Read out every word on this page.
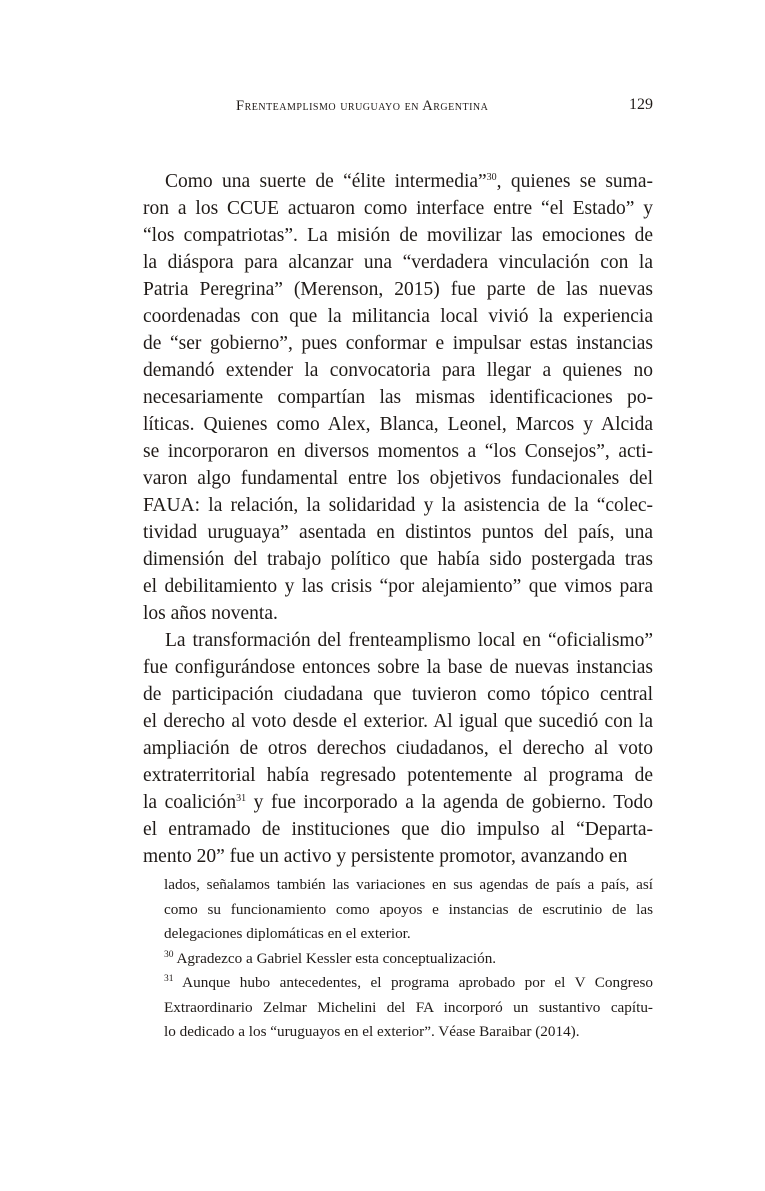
Frenteamplismo uruguayo en Argentina	129

Como una suerte de “élite intermedia”$^{30}$, quienes se suma-
ron a los CCUE actuaron como interface entre “el Estado” y
“los compatriotas”. La misión de movilizar las emociones de
la diáspora para alcanzar una “verdadera vinculación con la
Patria Peregrina” (Merenson, 2015) fue parte de las nuevas
coordenadas con que la militancia local vivió la experiencia
de “ser gobierno”, pues conformar e impulsar estas instancias
demandó extender la convocatoria para llegar a quienes no
necesariamente compartían las mismas identificaciones po-
líticas. Quienes como Alex, Blanca, Leonel, Marcos y Alcida
se incorporaron en diversos momentos a “los Consejos”, acti-
varon algo fundamental entre los objetivos fundacionales del
FAUA: la relación, la solidaridad y la asistencia de la “colec-
tividad uruguaya” asentada en distintos puntos del país, una
dimensión del trabajo político que había sido postergada tras
el debilitamiento y las crisis “por alejamiento” que vimos para
los años noventa.

La transformación del frenteamplismo local en “oficialismo”
fue configurándose entonces sobre la base de nuevas instancias
de participación ciudadana que tuvieron como tópico central
el derecho al voto desde el exterior. Al igual que sucedió con la
ampliación de otros derechos ciudadanos, el derecho al voto
extraterritorial había regresado potentemente al programa de
la coalición$^{31}$ y fue incorporado a la agenda de gobierno. Todo
el entramado de instituciones que dio impulso al “Departa-
mento 20” fue un activo y persistente promotor, avanzando en

lados, señalamos también las variaciones en sus agendas de país a país, así
como su funcionamiento como apoyos e instancias de escrutinio de las
delegaciones diplomáticas en el exterior.
$^{30}$ Agradezco a Gabriel Kessler esta conceptualización.
$^{31}$ Aunque hubo antecedentes, el programa aprobado por el V Congreso
Extraordinario Zelmar Michelini del FA incorporó un sustantivo capítu-
lo dedicado a los “uruguayos en el exterior”. Véase Baraibar (2014).
